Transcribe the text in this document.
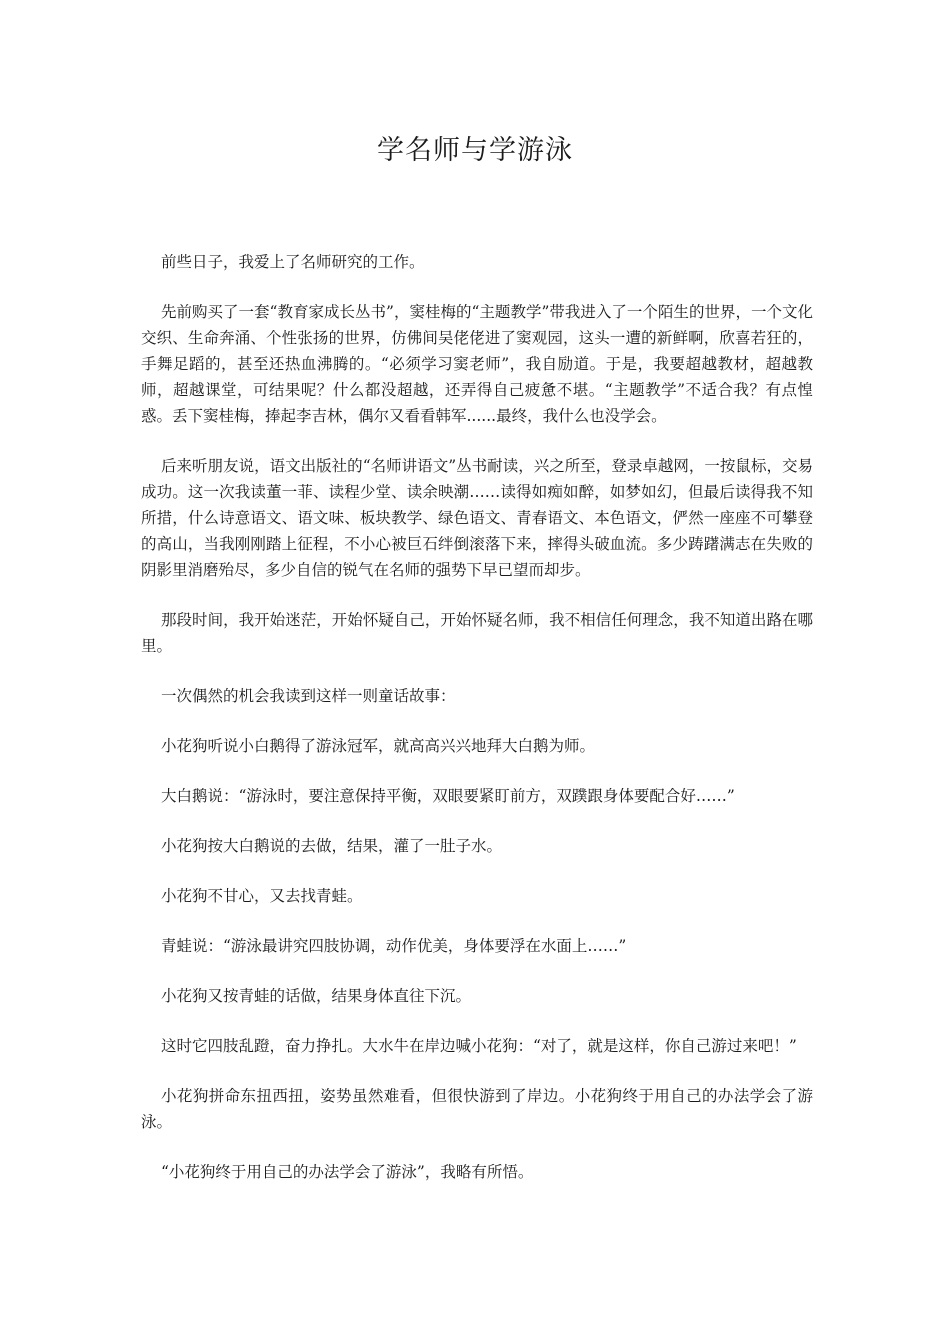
学名师与学游泳

前些日子，我爱上了名师研究的工作。

先前购买了一套“教育家成长丛书”，窦桂梅的“主题教学”带我进入了一个陌生的世界，一个文化交织、生命奔涌、个性张扬的世界，仿佛间吴佬佬进了窦观园，这头一遭的新鲜啊，欣喜若狂的，手舞足蹈的，甚至还热血沸腾的。“必须学习窦老师”，我自励道。于是，我要超越教材，超越教师，超越课堂，可结果呢？什么都没超越，还弄得自己疲惫不堪。“主题教学”不适合我？有点惶惑。丢下窦桂梅，捧起李吉林，偶尔又看看韩军......最终，我什么也没学会。

后来听朋友说，语文出版社的“名师讲语文”丛书耐读，兴之所至，登录卓越网，一按鼠标，交易成功。这一次我读董一菲、读程少堂、读余映潮……读得如痴如醉，如梦如幻，但最后读得我不知所措，什么诗意语文、语文味、板块教学、绿色语文、青春语文、本色语文，俨然一座座不可攀登的高山，当我刚刚踏上征程，不小心被巨石绊倒滚落下来，摔得头破血流。多少踌躇满志在失败的阴影里消磨殆尽，多少自信的锐气在名师的强势下早已望而却步。

那段时间，我开始迷茫，开始怀疑自己，开始怀疑名师，我不相信任何理念，我不知道出路在哪里。

一次偶然的机会我读到这样一则童话故事：

小花狗听说小白鹅得了游泳冠军，就高高兴兴地拜大白鹅为师。

大白鹅说：“游泳时，要注意保持平衡，双眼要紧盯前方，双蹼跟身体要配合好……”

小花狗按大白鹅说的去做，结果，灌了一肚子水。

小花狗不甘心，又去找青蛙。

青蛙说：“游泳最讲究四肢协调，动作优美，身体要浮在水面上……”

小花狗又按青蛙的话做，结果身体直往下沉。

这时它四肢乱蹬，奋力挣扎。大水牛在岸边喊小花狗：“对了，就是这样，你自己游过来吧！”

小花狗拼命东扭西扭，姿势虽然难看，但很快游到了岸边。小花狗终于用自己的办法学会了游泳。

“小花狗终于用自己的办法学会了游泳”，我略有所悟。
